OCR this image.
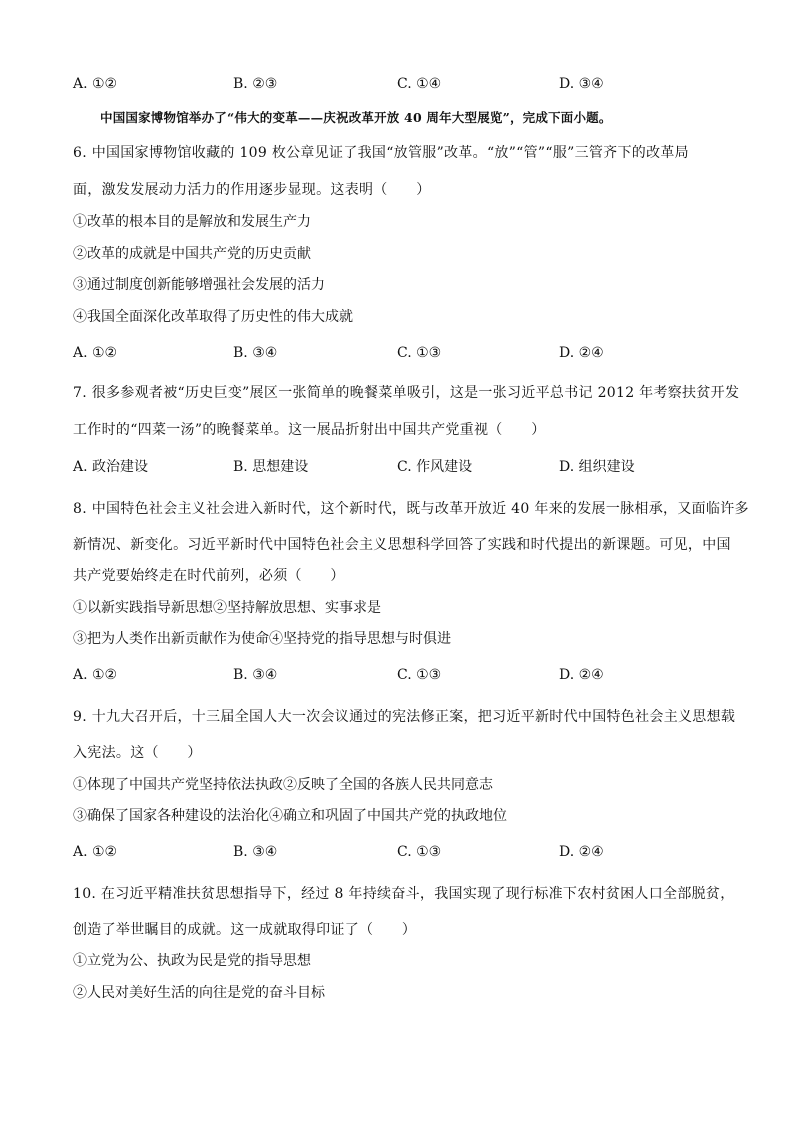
A. ①②	B. ②③	C. ①④	D. ③④
中国国家博物馆举办了“伟大的变革——庆祝改革开放 40 周年大型展览”，完成下面小题。
6. 中国国家博物馆收藏的 109 枚公章见证了我国“放管服”改革。“放”“管”“服”三管齐下的改革局
面，激发发展动力活力的作用逐步显现。这表明（　　）
①改革的根本目的是解放和发展生产力
②改革的成就是中国共产党的历史贡献
③通过制度创新能够增强社会发展的活力
④我国全面深化改革取得了历史性的伟大成就
A. ①②	B. ③④	C. ①③	D. ②④
7. 很多参观者被“历史巨变”展区一张简单的晚餐菜单吸引，这是一张习近平总书记 2012 年考察扶贫开发
工作时的“四菜一汤”的晚餐菜单。这一展品折射出中国共产党重视（　　）
A. 政治建设	B. 思想建设	C. 作风建设	D. 组织建设
8. 中国特色社会主义社会进入新时代，这个新时代，既与改革开放近 40 年来的发展一脉相承，又面临许多
新情况、新变化。习近平新时代中国特色社会主义思想科学回答了实践和时代提出的新课题。可见，中国
共产党要始终走在时代前列，必须（　　）
①以新实践指导新思想②坚持解放思想、实事求是
③把为人类作出新贡献作为使命④坚持党的指导思想与时俱进
A. ①②	B. ③④	C. ①③	D. ②④
9. 十九大召开后，十三届全国人大一次会议通过的宪法修正案，把习近平新时代中国特色社会主义思想载
入宪法。这（　　）
①体现了中国共产党坚持依法执政②反映了全国的各族人民共同意志
③确保了国家各种建设的法治化④确立和巩固了中国共产党的执政地位
A. ①②	B. ③④	C. ①③	D. ②④
10. 在习近平精准扶贫思想指导下，经过 8 年持续奋斗，我国实现了现行标准下农村贫困人口全部脱贫，
创造了举世瞩目的成就。这一成就取得印证了（　　）
①立党为公、执政为民是党的指导思想
②人民对美好生活的向往是党的奋斗目标
